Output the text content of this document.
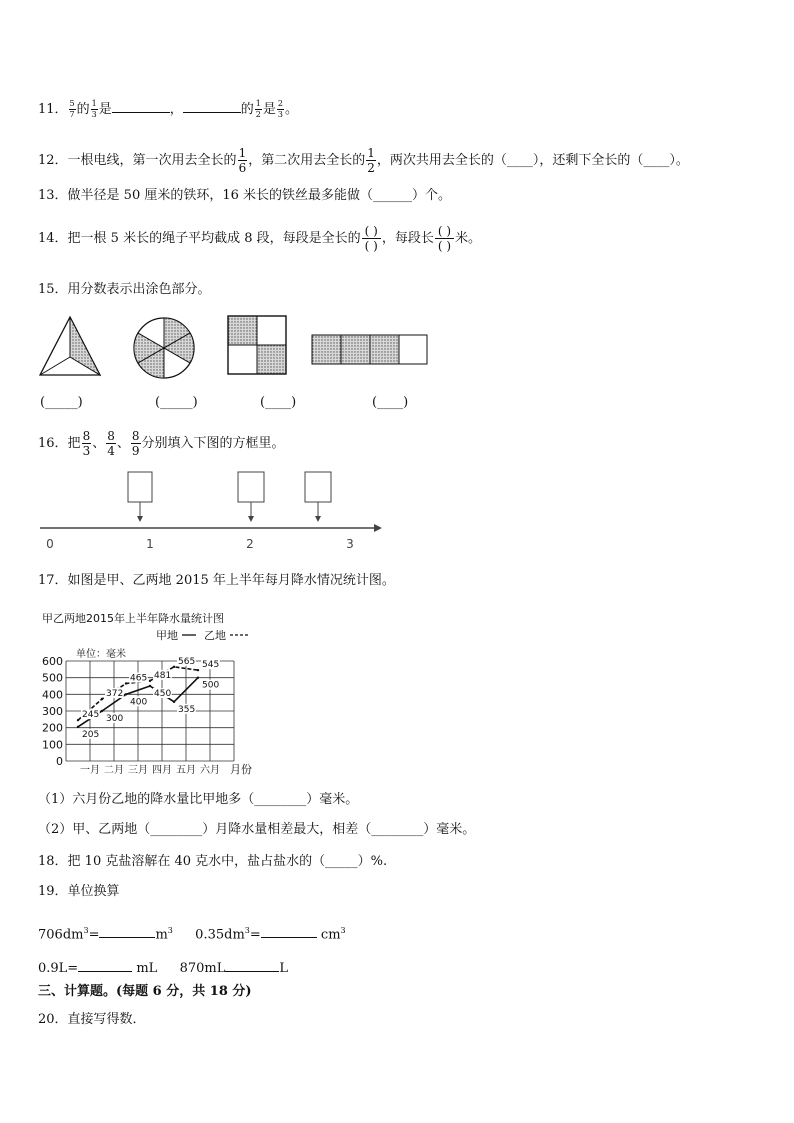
11． $\frac{5}{7}$ 的 $\frac{1}{3}$ 是	，	的 $\frac{1}{2}$ 是 $\frac{2}{3}$ 。
12．一根电线，第一次用去全长的 $\frac{1}{6}$ ，第二次用去全长的 $\frac{1}{2}$ ，两次共用去全长的（____），还剩下全长的（____）。
13．做半径是 50 厘米的铁环，16 米长的铁丝最多能做（______）个。
14．把一根 5 米长的绳子平均截成 8 段，每段是全长的 $\frac{( )}{( )}$ ，每段长 $\frac{( )}{( )}$ 米。
15．用分数表示出涂色部分。
(_____)	(_____)	(____)	(____)
16．把 $\frac{8}{3}$ 、 $\frac{8}{4}$ 、 $\frac{8}{9}$ 分别填入下图的方框里。
0	1	2	3
17．如图是甲、乙两地 2015 年上半年每月降水情况统计图。
甲乙两地2015年上半年降水量统计图
甲地 乙地
单位：毫米
0
100
200
300
400
500
600
一月 二月 三月 四月 五月 六月 月份
245
205
372
300
465
400
481
450
565
355
545
500
（1）六月份乙地的降水量比甲地多（________）毫米。
（2）甲、乙两地（________）月降水量相差最大，相差（________）毫米。
18．把 10 克盐溶解在 40 克水中，盐占盐水的（_____）%.
19．单位换算
$706dm^3=$	$m^3$ $0.35dm^3=$	$cm^3$
0.9L=	mL 870mL	L
三、计算题。(每题 6 分，共 18 分)
20．直接写得数．
